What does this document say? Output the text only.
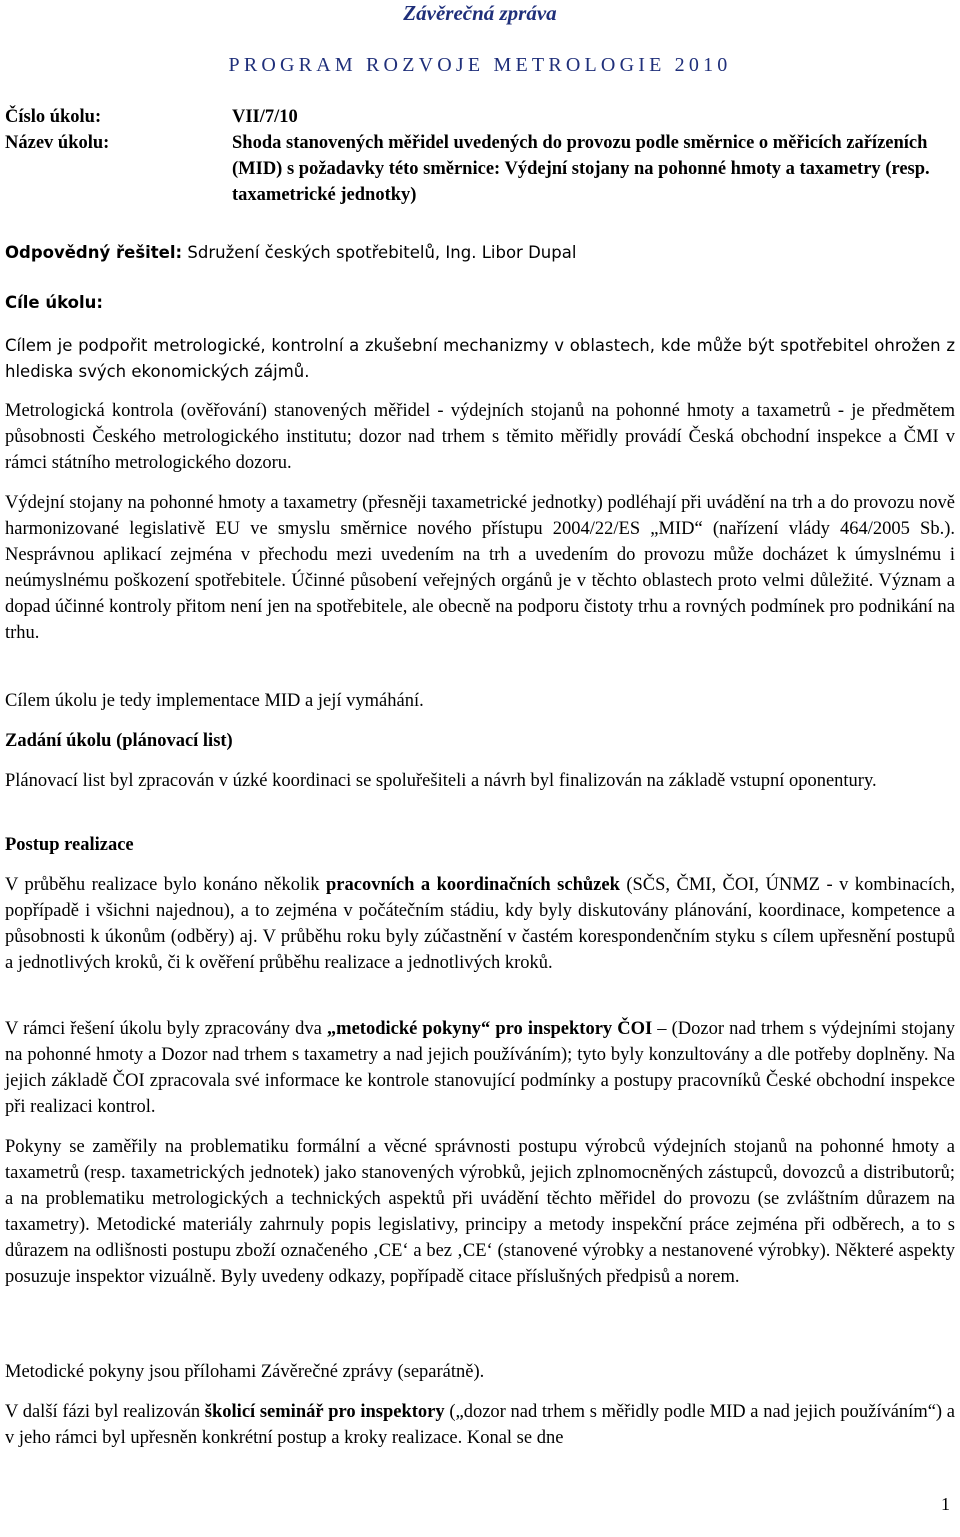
Závěrečná zpráva
PROGRAM ROZVOJE METROLOGIE 2010
Číslo úkolu:	VII/7/10
Název úkolu:	Shoda stanovených měřidel uvedených do provozu podle směrnice o měřicích zařízeních (MID) s požadavky této směrnice: Výdejní stojany na pohonné hmoty a taxametry (resp. taxametrické jednotky)
Odpovědný řešitel: Sdružení českých spotřebitelů, Ing. Libor Dupal
Cíle úkolu:

Cílem je podpořit metrologické, kontrolní a zkušební mechanizmy v oblastech, kde může být spotřebitel ohrožen z hlediska svých ekonomických zájmů.

Metrologická kontrola (ověřování) stanovených měřidel - výdejních stojanů na pohonné hmoty a taxametrů - je předmětem působnosti Českého metrologického institutu; dozor nad trhem s těmito měřidly provádí Česká obchodní inspekce a ČMI v rámci státního metrologického dozoru.

Výdejní stojany na pohonné hmoty a taxametry (přesněji taxametrické jednotky) podléhají při uvádění na trh a do provozu nově harmonizované legislativě EU ve smyslu směrnice nového přístupu 2004/22/ES „MID“ (nařízení vlády 464/2005 Sb.). Nesprávnou aplikací zejména v přechodu mezi uvedením na trh a uvedením do provozu může docházet k úmyslnému i neúmyslnému poškození spotřebitele. Účinné působení veřejných orgánů je v těchto oblastech proto velmi důležité. Význam a dopad účinné kontroly přitom není jen na spotřebitele, ale obecně na podporu čistoty trhu a rovných podmínek pro podnikání na trhu.

Cílem úkolu je tedy implementace MID a její vymáhání.

Zadání úkolu (plánovací list)

Plánovací list byl zpracován v úzké koordinaci se spoluřešiteli a návrh byl finalizován na základě vstupní oponentury.

Postup realizace

V průběhu realizace bylo konáno několik pracovních a koordinačních schůzek (SČS, ČMI, ČOI, ÚNMZ - v kombinacích, popřípadě i všichni najednou), a to zejména v počátečním stádiu, kdy byly diskutovány plánování, koordinace, kompetence a působnosti k úkonům (odběry) aj. V průběhu roku byly zúčastnění v častém korespondenčním styku s cílem upřesnění postupů a jednotlivých kroků, či k ověření průběhu realizace a jednotlivých kroků.

V rámci řešení úkolu byly zpracovány dva „metodické pokyny“ pro inspektory ČOI – (Dozor nad trhem s výdejními stojany na pohonné hmoty a Dozor nad trhem s taxametry a nad jejich používáním); tyto byly konzultovány a dle potřeby doplněny. Na jejich základě ČOI zpracovala své informace ke kontrole stanovující podmínky a postupy pracovníků České obchodní inspekce při realizaci kontrol.

Pokyny se zaměřily na problematiku formální a věcné správnosti postupu výrobců výdejních stojanů na pohonné hmoty a taxametrů (resp. taxametrických jednotek) jako stanovených výrobků, jejich zplnomocněných zástupců, dovozců a distributorů; a na problematiku metrologických a technických aspektů při uvádění těchto měřidel do provozu (se zvláštním důrazem na taxametry). Metodické materiály zahrnuly popis legislativy, principy a metody inspekční práce zejména při odběrech, a to s důrazem na odlišnosti postupu zboží označeného ‚CE‘ a bez ‚CE‘ (stanovené výrobky a nestanovené výrobky). Některé aspekty posuzuje inspektor vizuálně. Byly uvedeny odkazy, popřípadě citace příslušných předpisů a norem.

Metodické pokyny jsou přílohami Závěrečné zprávy (separátně).

V další fázi byl realizován školicí seminář pro inspektory („dozor nad trhem s měřidly podle MID a nad jejich používáním“) a v jeho rámci byl upřesněn konkrétní postup a kroky realizace. Konal se dne

1
